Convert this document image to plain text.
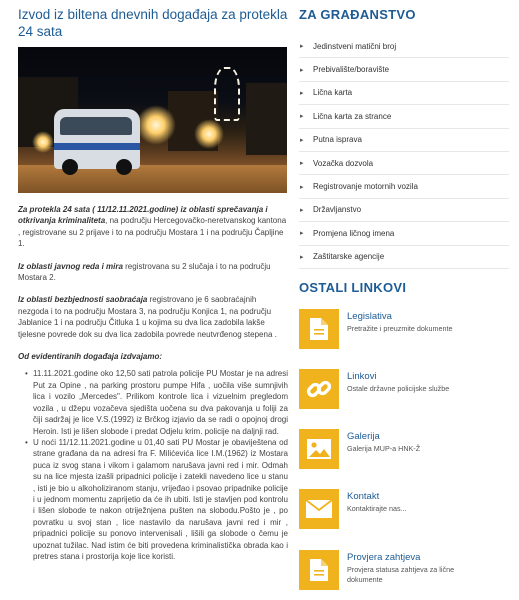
Izvod iz biltena dnevnih događaja za protekla 24 sata

Za protekla 24 sata ( 11/12.11.2021.godine) iz oblasti sprečavanja i otkrivanja kriminaliteta, na području Hercegovačko-neretvanskog kantona , registrovane su 2 prijave i to na području Mostara 1 i na području Čapljine 1.

Iz oblasti javnog reda i mira registrovana su 2 slučaja i to na području Mostara 2.

Iz oblasti bezbjednosti saobraćaja registrovano je 6 saobraćajnih nezgoda i to na području Mostara 3, na području Konjica 1, na području Jablanice 1 i na području Čitluka 1 u kojima su dva lica zadobila lakše tjelesne povrede dok su dva lica zadobila povrede neutvrđenog stepena .

Od evidentiranih događaja izdvajamo:

• 11.11.2021.godine oko 12,50 sati patrola policije PU Mostar je na adresi Put za Opine , na parking prostoru pumpe Hifa , uočila više sumnjivih lica i vozilo „Mercedes". Prilikom kontrole lica i vizuelnim pregledom vozila , u džepu vozačeva sjedišta uočena su dva pakovanja u foliji za čiji sadržaj je lice V.S.(1992) iz Brčkog izjavio da se radi o opojnoj drogi Heroin. Isti je lišen slobode i predat Odjelu krim. policije na daljnji rad.
• U noći 11/12.11.2021.godine u 01,40 sati PU Mostar je obaviještena od strane građana da na adresi fra F. Milićevića lice I.M.(1962) iz Mostara puca iz svog stana i vikom i galamom narušava javni red i mir. Odmah su na lice mjesta izašli pripadnici policije i zatekli navedeno lice u stanu , isti je bio u alkoholiziranom stanju, vrijeđao i psovao pripadnike policije i u jednom momentu zaprijetio da će ih ubiti. Isti je stavljen pod kontrolu i lišen slobode te nakon otriježnjena pušten na slobodu.Pošto je , po povratku u svoj stan , lice nastavilo da narušava javni red i mir , pripadnici policije su ponovo intervenisali , lišili ga slobode o čemu je upoznat tužilac. Nad istim će biti provedena kriminalistička obrada kao i pretres stana i prostorija koje lice koristi.
ZA GRAĐANSTVO
▸	Jedinstveni matični broj
▸	Prebivalište/boravište
▸	Lična karta
▸	Lična karta za strance
▸	Putna isprava
▸	Vozačka dozvola
▸	Registrovanje motornih vozila
▸	Državljanstvo
▸	Promjena ličnog imena
▸	Zaštitarske agencije
OSTALI LINKOVI
Legislativa
Pretražite i preuzmite dokumente
Linkovi
Ostale državne policijske službe
Galerija
Galerija MUP-a HNK-Ž
Kontakt
Kontaktirajte nas...
Provjera zahtjeva
Provjera statusa zahtjeva za lične dokumente
